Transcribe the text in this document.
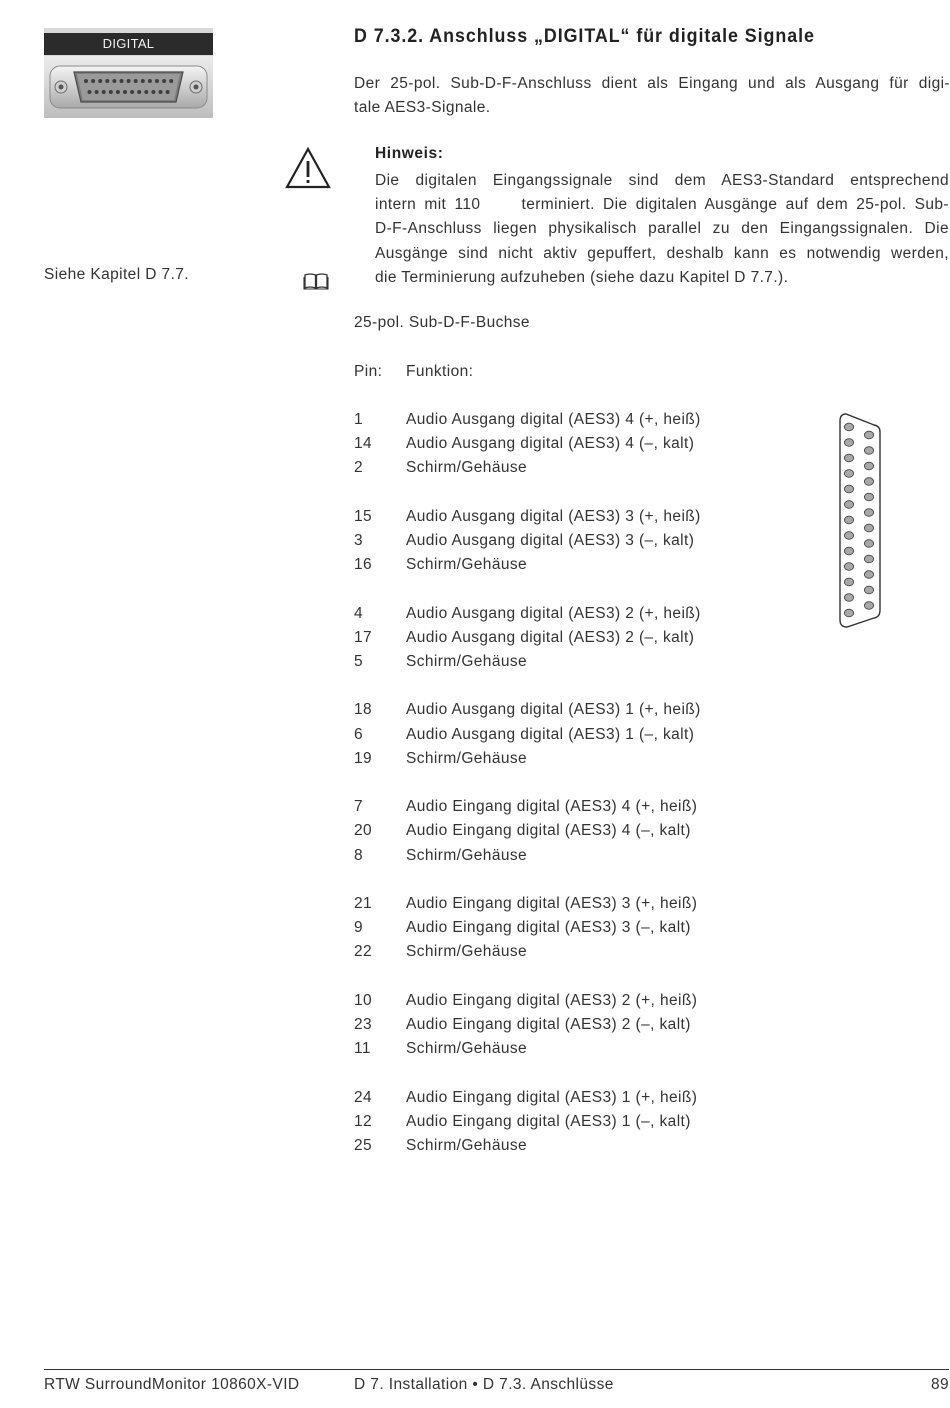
DIGITAL	D 7.3.2. Anschluss „DIGITAL“ für digitale Signale
Der 25-pol. Sub-D-F-Anschluss dient als Eingang und als Ausgang für digi-
tale AES3-Signale.
Hinweis:
Die digitalen Eingangssignale sind dem AES3-Standard entsprechend
intern mit 110     terminiert. Die digitalen Ausgänge auf dem 25-pol. Sub-
D-F-Anschluss liegen physikalisch parallel zu den Eingangssignalen. Die
Ausgänge sind nicht aktiv gepuffert, deshalb kann es notwendig werden,
die Terminierung aufzuheben (siehe dazu Kapitel D 7.7.).
Siehe Kapitel D 7.7.
25-pol. Sub-D-F-Buchse
Pin: Funktion:
1	Audio Ausgang digital (AES3) 4 (+, heiß)
14 Audio Ausgang digital (AES3) 4 (–, kalt)
2	Schirm/Gehäuse
15 Audio Ausgang digital (AES3) 3 (+, heiß)
3	Audio Ausgang digital (AES3) 3 (–, kalt)
16 Schirm/Gehäuse
4	Audio Ausgang digital (AES3) 2 (+, heiß)
17 Audio Ausgang digital (AES3) 2 (–, kalt)
5	Schirm/Gehäuse
18 Audio Ausgang digital (AES3) 1 (+, heiß)
6	Audio Ausgang digital (AES3) 1 (–, kalt)
19 Schirm/Gehäuse
7	Audio Eingang digital (AES3) 4 (+, heiß)
20 Audio Eingang digital (AES3) 4 (–, kalt)
8	Schirm/Gehäuse
21 Audio Eingang digital (AES3) 3 (+, heiß)
9	Audio Eingang digital (AES3) 3 (–, kalt)
22 Schirm/Gehäuse
10 Audio Eingang digital (AES3) 2 (+, heiß)
23 Audio Eingang digital (AES3) 2 (–, kalt)
11 Schirm/Gehäuse
24 Audio Eingang digital (AES3) 1 (+, heiß)
12 Audio Eingang digital (AES3) 1 (–, kalt)
25 Schirm/Gehäuse
RTW SurroundMonitor 10860X-VID	D 7. Installation • D 7.3. Anschlüsse	89
